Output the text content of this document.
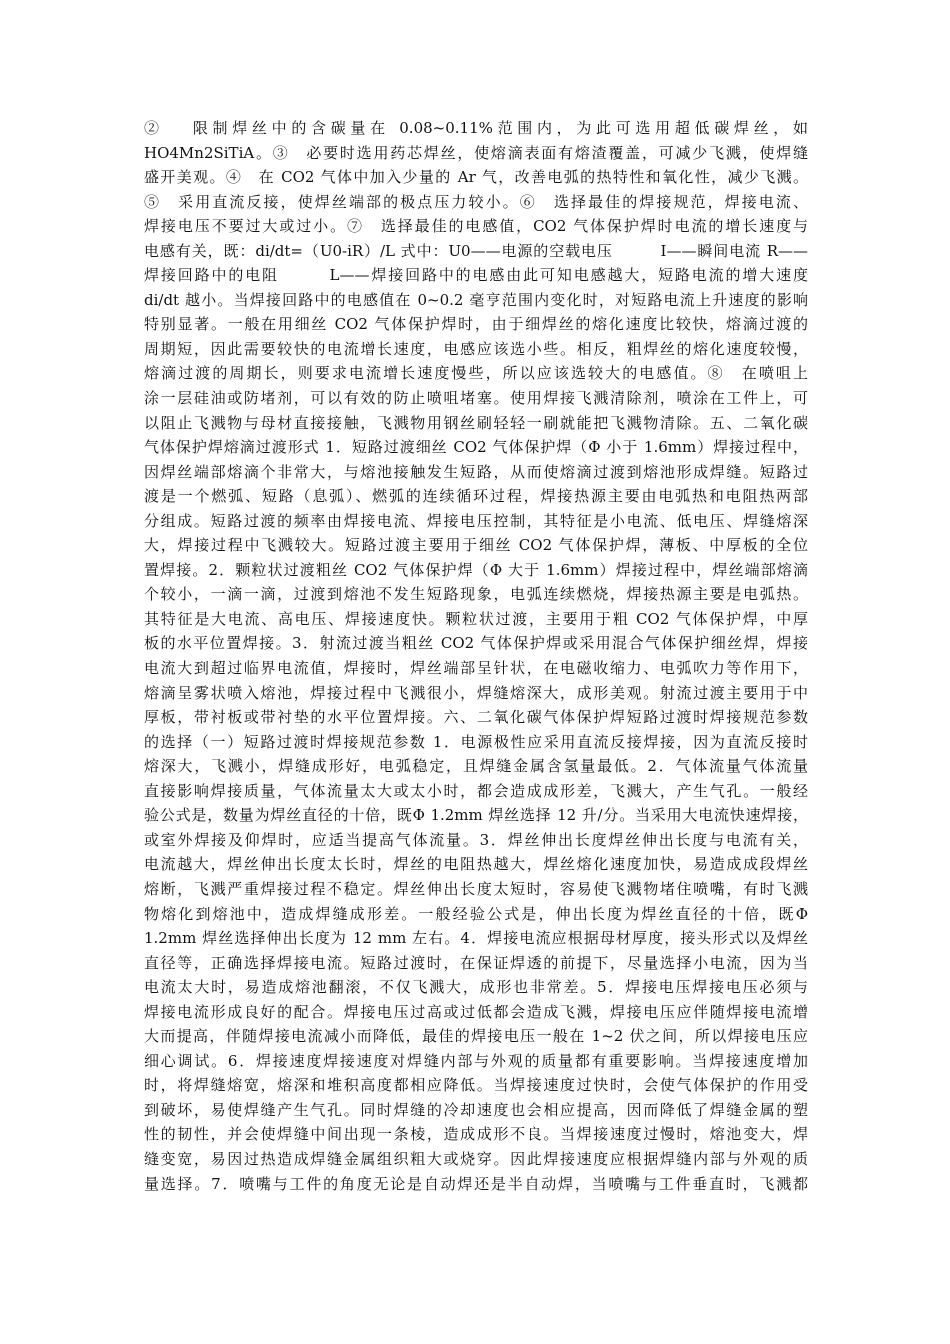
②　 限制焊丝中的含碳量在 0.08~0.11%范围内，为此可选用超低碳焊丝，如
HO4Mn2SiTiA。③　必要时选用药芯焊丝，使熔滴表面有熔渣覆盖，可减少飞溅，使焊缝
盛开美观。④　在 CO2 气体中加入少量的 Ar 气，改善电弧的热特性和氧化性，减少飞溅。
⑤　采用直流反接，使焊丝端部的极点压力较小。⑥　选择最佳的焊接规范，焊接电流、
焊接电压不要过大或过小。⑦　选择最佳的电感值，CO2 气体保护焊时电流的增长速度与
电感有关，既：di/dt=（U0-iR）/L 式中：U0——电源的空载电压　　　I——瞬间电流 R——
焊接回路中的电阻　　　L——焊接回路中的电感由此可知电感越大，短路电流的增大速度
di/dt 越小。当焊接回路中的电感值在 0~0.2 毫亨范围内变化时，对短路电流上升速度的影响
特别显著。一般在用细丝 CO2 气体保护焊时，由于细焊丝的熔化速度比较快，熔滴过渡的
周期短，因此需要较快的电流增长速度，电感应该选小些。相反，粗焊丝的熔化速度较慢，
熔滴过渡的周期长，则要求电流增长速度慢些，所以应该选较大的电感值。⑧　在喷咀上
涂一层硅油或防堵剂，可以有效的防止喷咀堵塞。使用焊接飞溅清除剂，喷涂在工件上，可
以阻止飞溅物与母材直接接触，飞溅物用钢丝刷轻轻一刷就能把飞溅物清除。五、二氧化碳
气体保护焊熔滴过渡形式 1．短路过渡细丝 CO2 气体保护焊（Φ 小于 1.6mm）焊接过程中，
因焊丝端部熔滴个非常大，与熔池接触发生短路，从而使熔滴过渡到熔池形成焊缝。短路过
渡是一个燃弧、短路（息弧）、燃弧的连续循环过程，焊接热源主要由电弧热和电阻热两部
分组成。短路过渡的频率由焊接电流、焊接电压控制，其特征是小电流、低电压、焊缝熔深
大，焊接过程中飞溅较大。短路过渡主要用于细丝 CO2 气体保护焊，薄板、中厚板的全位
置焊接。2．颗粒状过渡粗丝 CO2 气体保护焊（Φ 大于 1.6mm）焊接过程中，焊丝端部熔滴
个较小，一滴一滴，过渡到熔池不发生短路现象，电弧连续燃烧，焊接热源主要是电弧热。
其特征是大电流、高电压、焊接速度快。颗粒状过渡，主要用于粗 CO2 气体保护焊，中厚
板的水平位置焊接。3．射流过渡当粗丝 CO2 气体保护焊或采用混合气体保护细丝焊，焊接
电流大到超过临界电流值，焊接时，焊丝端部呈针状，在电磁收缩力、电弧吹力等作用下，
熔滴呈雾状喷入熔池，焊接过程中飞溅很小，焊缝熔深大，成形美观。射流过渡主要用于中
厚板，带衬板或带衬垫的水平位置焊接。六、二氧化碳气体保护焊短路过渡时焊接规范参数
的选择（一）短路过渡时焊接规范参数 1．电源极性应采用直流反接焊接，因为直流反接时
熔深大，飞溅小，焊缝成形好，电弧稳定，且焊缝金属含氢量最低。2．气体流量气体流量
直接影响焊接质量，气体流量太大或太小时，都会造成成形差，飞溅大，产生气孔。一般经
验公式是，数量为焊丝直径的十倍，既Φ 1.2mm 焊丝选择 12 升/分。当采用大电流快速焊接，
或室外焊接及仰焊时，应适当提高气体流量。3．焊丝伸出长度焊丝伸出长度与电流有关，
电流越大，焊丝伸出长度太长时，焊丝的电阻热越大，焊丝熔化速度加快，易造成成段焊丝
熔断，飞溅严重焊接过程不稳定。焊丝伸出长度太短时，容易使飞溅物堵住喷嘴，有时飞溅
物熔化到熔池中，造成焊缝成形差。一般经验公式是，伸出长度为焊丝直径的十倍，既Φ
1.2mm 焊丝选择伸出长度为 12 mm 左右。4．焊接电流应根据母材厚度，接头形式以及焊丝
直径等，正确选择焊接电流。短路过渡时，在保证焊透的前提下，尽量选择小电流，因为当
电流太大时，易造成熔池翻滚，不仅飞溅大，成形也非常差。5．焊接电压焊接电压必须与
焊接电流形成良好的配合。焊接电压过高或过低都会造成飞溅，焊接电压应伴随焊接电流增
大而提高，伴随焊接电流减小而降低，最佳的焊接电压一般在 1~2 伏之间，所以焊接电压应
细心调试。6．焊接速度焊接速度对焊缝内部与外观的质量都有重要影响。当焊接速度增加
时，将焊缝熔宽，熔深和堆积高度都相应降低。当焊接速度过快时，会使气体保护的作用受
到破坏，易使焊缝产生气孔。同时焊缝的冷却速度也会相应提高，因而降低了焊缝金属的塑
性的韧性，并会使焊缝中间出现一条棱，造成成形不良。当焊接速度过慢时，熔池变大，焊
缝变宽，易因过热造成焊缝金属组织粗大或烧穿。因此焊接速度应根据焊缝内部与外观的质
量选择。7．喷嘴与工件的角度无论是自动焊还是半自动焊，当喷嘴与工件垂直时，飞溅都
